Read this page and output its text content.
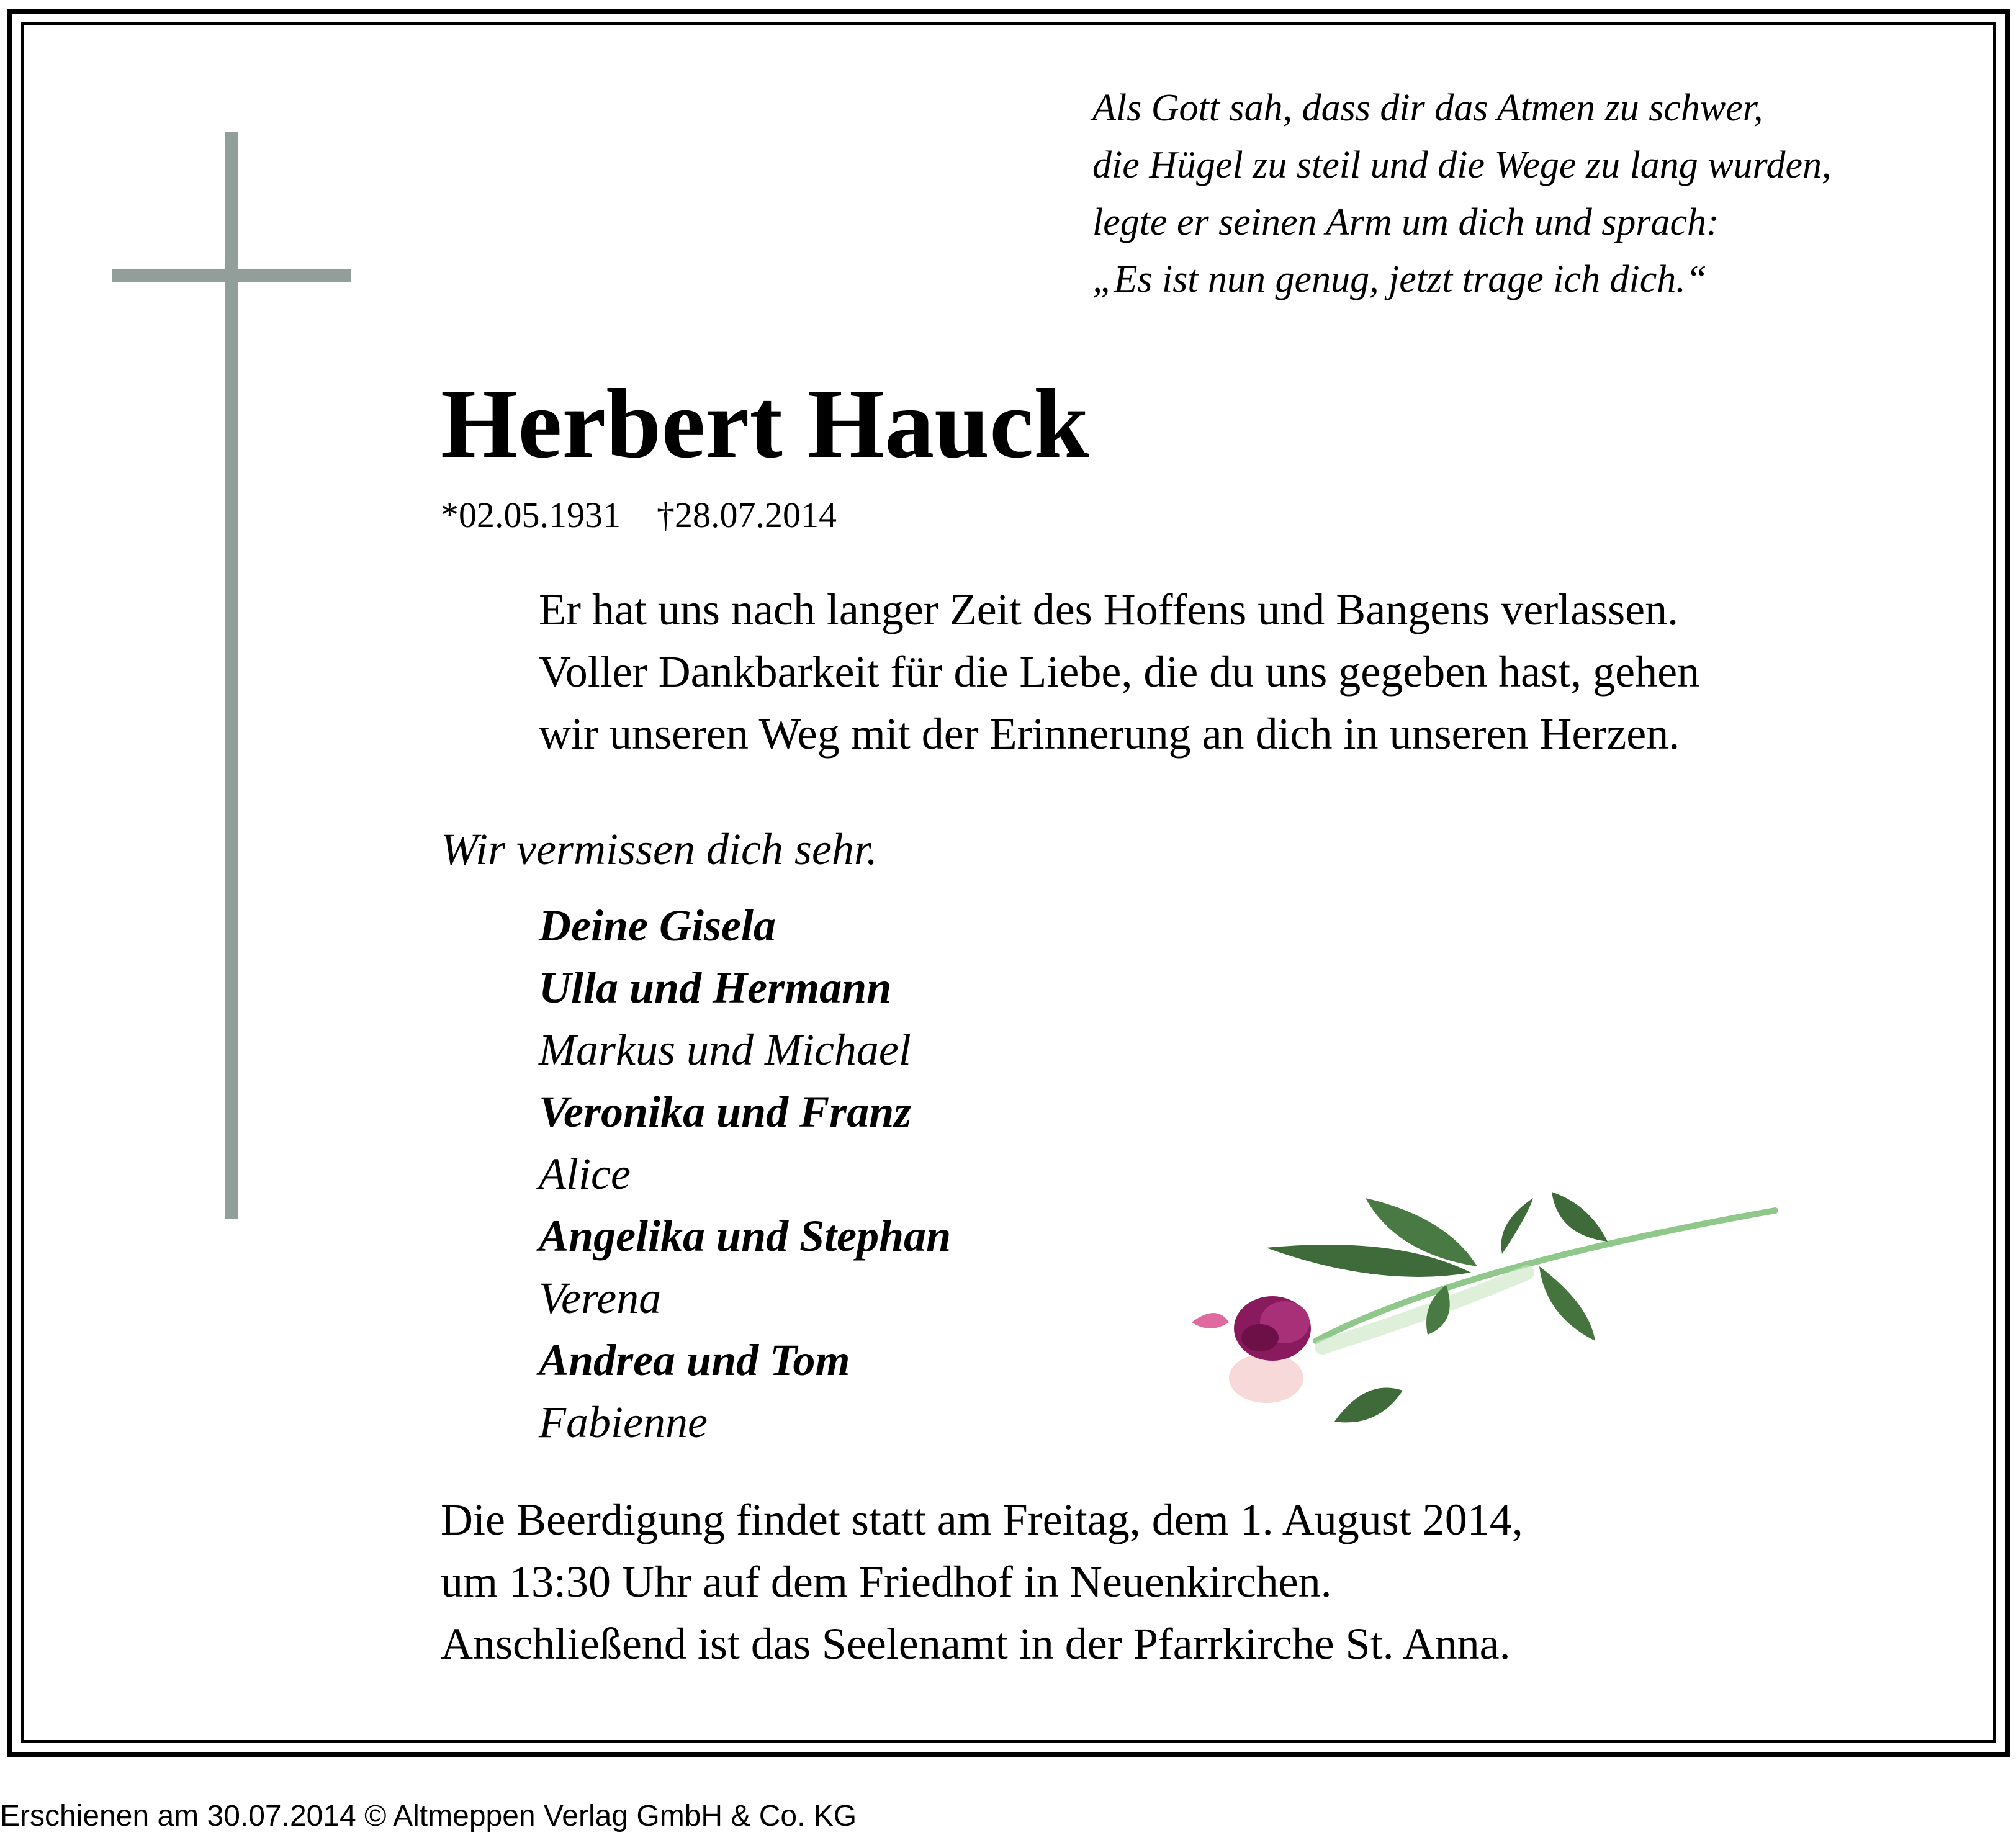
Als Gott sah, dass dir das Atmen zu schwer,
die Hügel zu steil und die Wege zu lang wurden,
legte er seinen Arm um dich und sprach:
„Es ist nun genug, jetzt trage ich dich.“
Herbert Hauck
*02.05.1931 †28.07.2014
Er hat uns nach langer Zeit des Hoffens und Bangens verlassen.
Voller Dankbarkeit für die Liebe, die du uns gegeben hast, gehen
wir unseren Weg mit der Erinnerung an dich in unseren Herzen.
Wir vermissen dich sehr.
Deine Gisela
Ulla und Hermann
Markus und Michael
Veronika und Franz
Alice
Angelika und Stephan
Verena
Andrea und Tom
Fabienne
Die Beerdigung findet statt am Freitag, dem 1. August 2014,
um 13:30 Uhr auf dem Friedhof in Neuenkirchen.
Anschließend ist das Seelenamt in der Pfarrkirche St. Anna.
Erschienen am 30.07.2014 © Altmeppen Verlag GmbH & Co. KG
